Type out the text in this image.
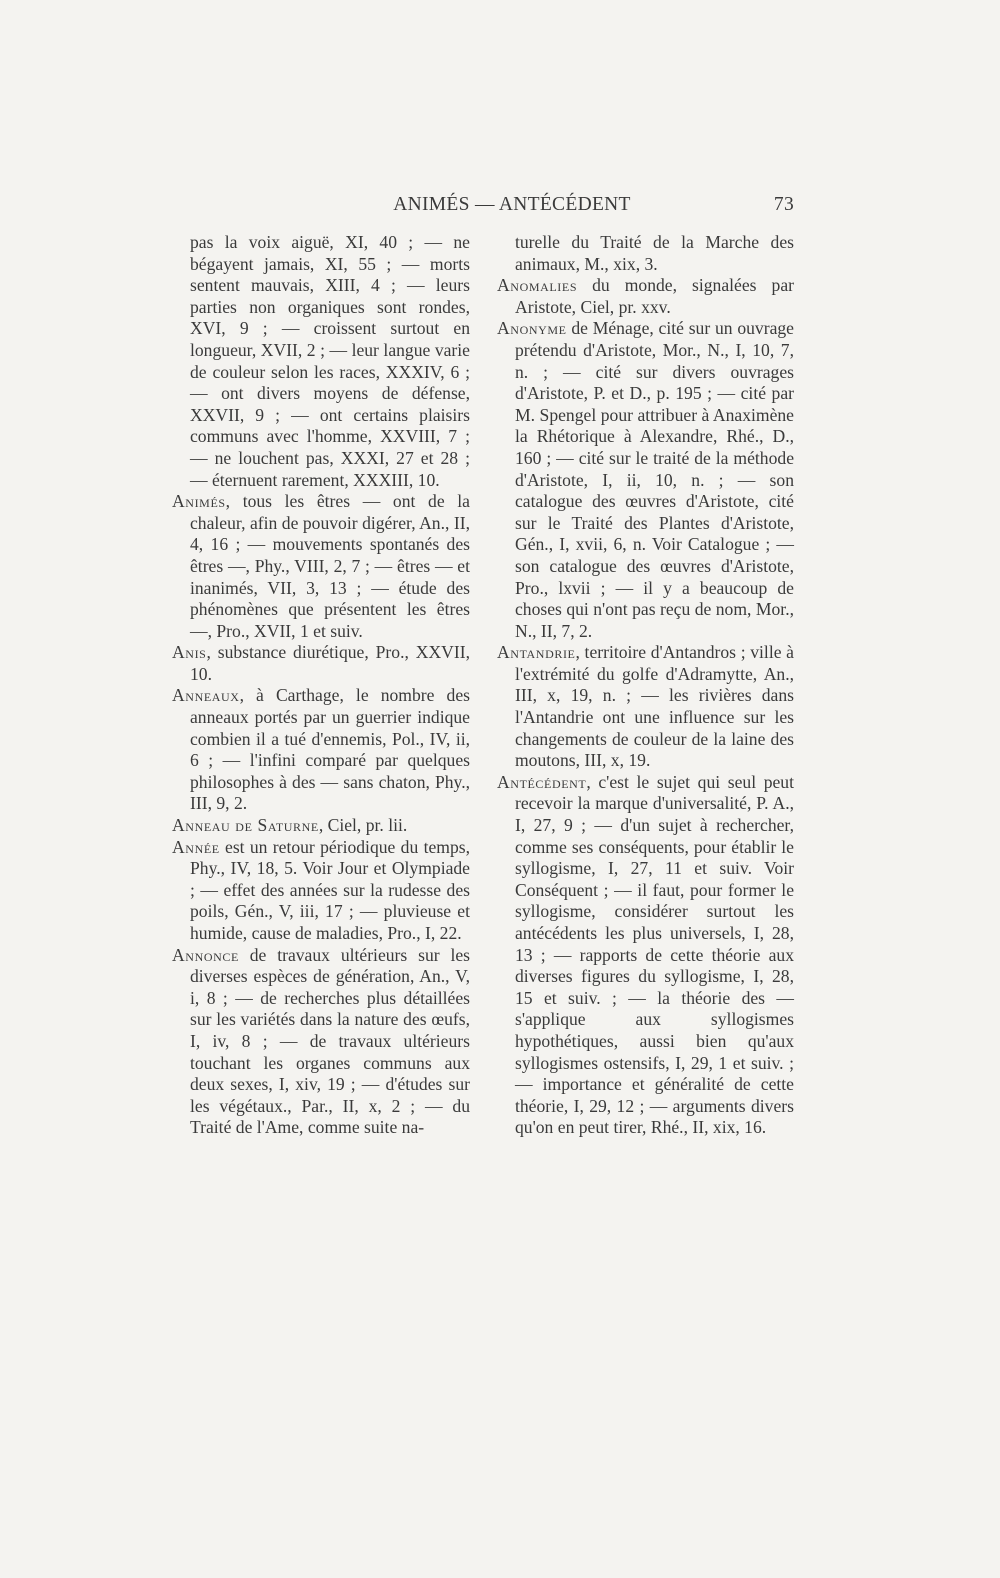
ANIMÉS — ANTÉCÉDENT	73

pas la voix aiguë, XI, 40 ; — ne bégayent jamais, XI, 55 ; — morts sentent mauvais, XIII, 4 ; — leurs parties non organiques sont rondes, XVI, 9 ; — croissent surtout en longueur, XVII, 2 ; — leur langue varie de couleur selon les races, XXXIV, 6 ; — ont divers moyens de défense, XXVII, 9 ; — ont certains plaisirs communs avec l'homme, XXVIII, 7 ; — ne louchent pas, XXXI, 27 et 28 ; — éternuent rarement, XXXIII, 10.

Animés, tous les êtres — ont de la chaleur, afin de pouvoir digérer, An., II, 4, 16 ; — mouvements spontanés des êtres —, Phy., VIII, 2, 7 ; — êtres — et inanimés, VII, 3, 13 ; — étude des phénomènes que présentent les êtres —, Pro., XVII, 1 et suiv.

Anis, substance diurétique, Pro., XXVII, 10.

Anneaux, à Carthage, le nombre des anneaux portés par un guerrier indique combien il a tué d'ennemis, Pol., IV, ii, 6 ; — l'infini comparé par quelques philosophes à des — sans chaton, Phy., III, 9, 2.

Anneau de Saturne, Ciel, pr. lii.

Année est un retour périodique du temps, Phy., IV, 18, 5. Voir Jour et Olympiade ; — effet des années sur la rudesse des poils, Gén., V, iii, 17 ; — pluvieuse et humide, cause de maladies, Pro., I, 22.

Annonce de travaux ultérieurs sur les diverses espèces de génération, An., V, i, 8 ; — de recherches plus détaillées sur les variétés dans la nature des œufs, I, iv, 8 ; — de travaux ultérieurs touchant les organes communs aux deux sexes, I, xiv, 19 ; — d'études sur les végétaux., Par., II, x, 2 ; — du Traité de l'Ame, comme suite na-

turelle du Traité de la Marche des animaux, M., xix, 3.

Anomalies du monde, signalées par Aristote, Ciel, pr. xxv.

Anonyme de Ménage, cité sur un ouvrage prétendu d'Aristote, Mor., N., I, 10, 7, n. ; — cité sur divers ouvrages d'Aristote, P. et D., p. 195 ; — cité par M. Spengel pour attribuer à Anaximène la Rhétorique à Alexandre, Rhé., D., 160 ; — cité sur le traité de la méthode d'Aristote, I, ii, 10, n. ; — son catalogue des œuvres d'Aristote, cité sur le Traité des Plantes d'Aristote, Gén., I, xvii, 6, n. Voir Catalogue ; — son catalogue des œuvres d'Aristote, Pro., lxvii ; — il y a beaucoup de choses qui n'ont pas reçu de nom, Mor., N., II, 7, 2.

Antandrie, territoire d'Antandros ; ville à l'extrémité du golfe d'Adramytte, An., III, x, 19, n. ; — les rivières dans l'Antandrie ont une influence sur les changements de couleur de la laine des moutons, III, x, 19.

Antécédent, c'est le sujet qui seul peut recevoir la marque d'universalité, P. A., I, 27, 9 ; — d'un sujet à rechercher, comme ses conséquents, pour établir le syllogisme, I, 27, 11 et suiv. Voir Conséquent ; — il faut, pour former le syllogisme, considérer surtout les antécédents les plus universels, I, 28, 13 ; — rapports de cette théorie aux diverses figures du syllogisme, I, 28, 15 et suiv. ; — la théorie des — s'applique aux syllogismes hypothétiques, aussi bien qu'aux syllogismes ostensifs, I, 29, 1 et suiv. ; — importance et généralité de cette théorie, I, 29, 12 ; — arguments divers qu'on en peut tirer, Rhé., II, xix, 16.
